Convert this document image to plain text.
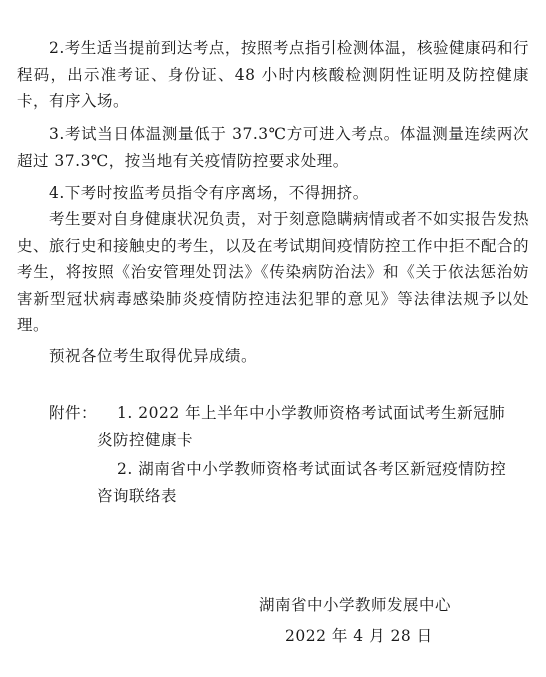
2.考生适当提前到达考点，按照考点指引检测体温，核验健康码和行程码，出示准考证、身份证、48 小时内核酸检测阴性证明及防控健康卡，有序入场。

3.考试当日体温测量低于 37.3℃方可进入考点。体温测量连续两次超过 37.3℃，按当地有关疫情防控要求处理。

4.下考时按监考员指令有序离场，不得拥挤。

考生要对自身健康状况负责，对于刻意隐瞒病情或者不如实报告发热史、旅行史和接触史的考生，以及在考试期间疫情防控工作中拒不配合的考生，将按照《治安管理处罚法》《传染病防治法》和《关于依法惩治妨害新型冠状病毒感染肺炎疫情防控违法犯罪的意见》等法律法规予以处理。

预祝各位考生取得优异成绩。

附件：	1. 2022 年上半年中小学教师资格考试面试考生新冠肺炎防控健康卡
2. 湖南省中小学教师资格考试面试各考区新冠疫情防控咨询联络表
湖南省中小学教师发展中心
2022 年 4 月 28 日
